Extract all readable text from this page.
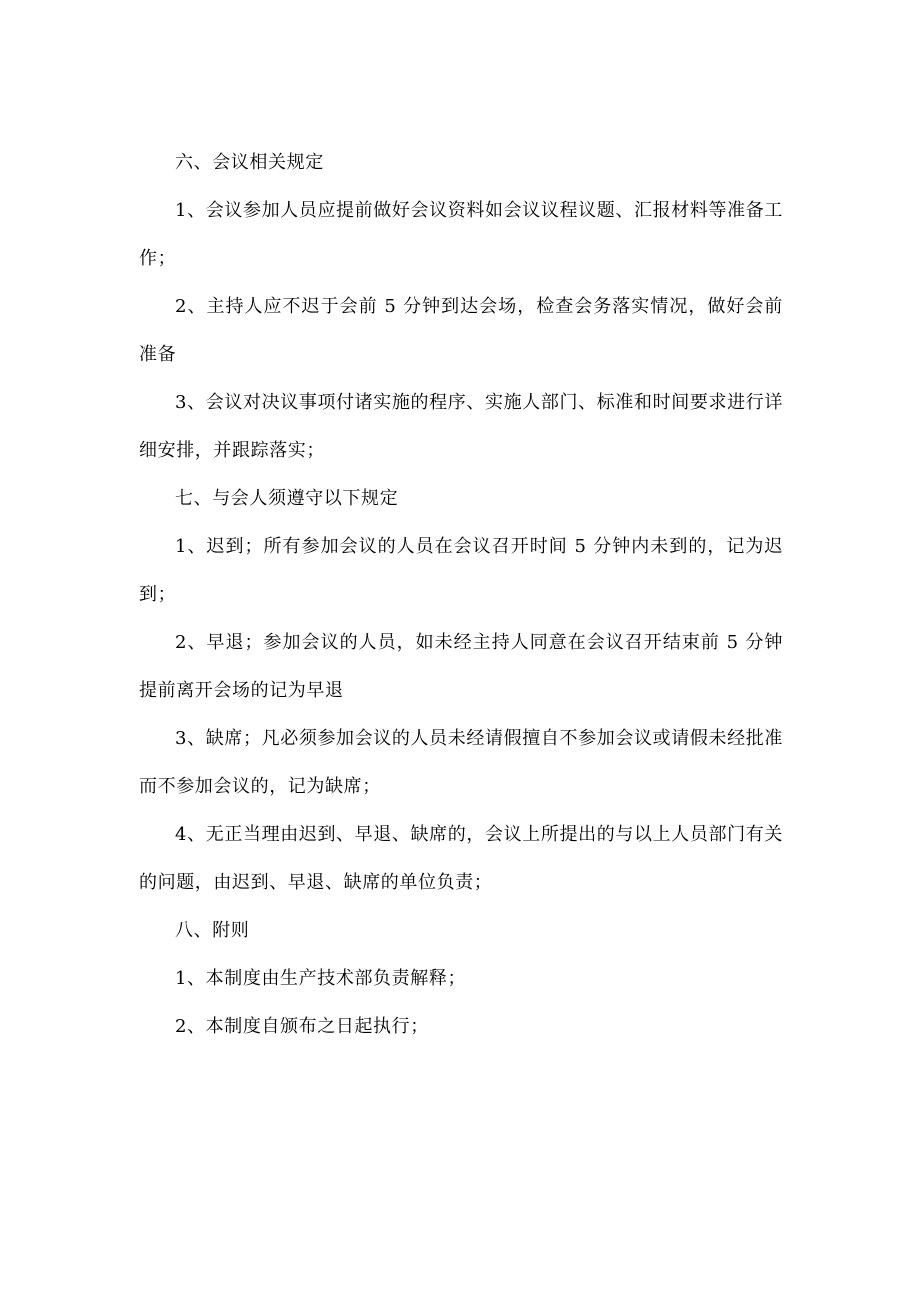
六、会议相关规定

1、会议参加人员应提前做好会议资料如会议议程议题、汇报材料等准备工作；

2、主持人应不迟于会前 5 分钟到达会场，检查会务落实情况，做好会前准备

3、会议对决议事项付诸实施的程序、实施人部门、标准和时间要求进行详细安排，并跟踪落实；

七、与会人须遵守以下规定

1、迟到；所有参加会议的人员在会议召开时间 5 分钟内未到的，记为迟到；

2、早退；参加会议的人员，如未经主持人同意在会议召开结束前 5 分钟提前离开会场的记为早退

3、缺席；凡必须参加会议的人员未经请假擅自不参加会议或请假未经批准而不参加会议的，记为缺席；

4、无正当理由迟到、早退、缺席的，会议上所提出的与以上人员部门有关的问题，由迟到、早退、缺席的单位负责；

八、附则

1、本制度由生产技术部负责解释；

2、本制度自颁布之日起执行；
